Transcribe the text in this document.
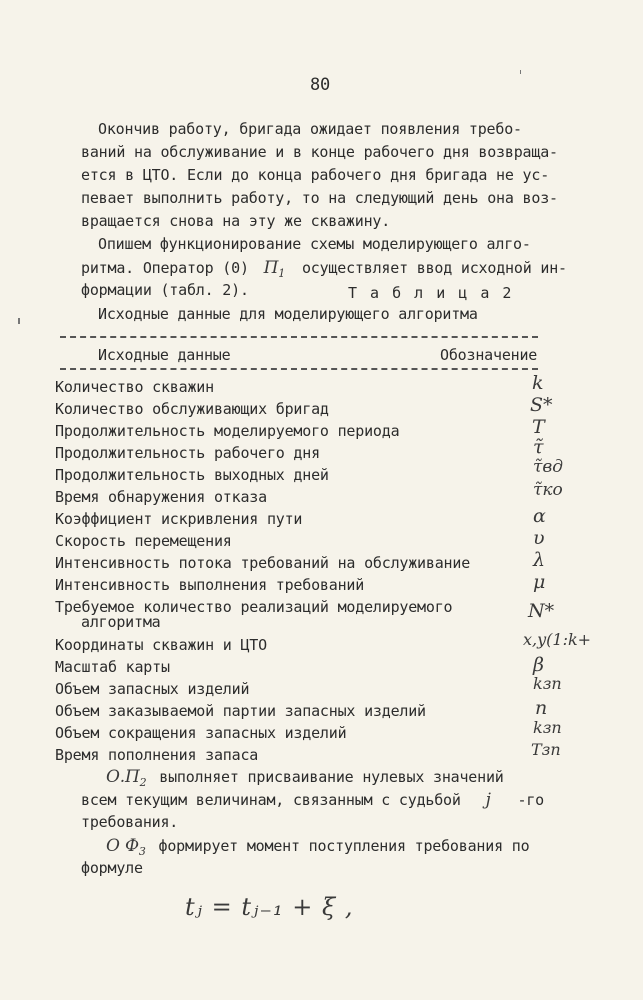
80
Окончив работу, бригада ожидает появления требо-
ваний на обслуживание и в конце рабочего дня возвраща-
ется в ЦТО. Если до конца рабочего дня бригада не ус-
певает выполнить работу, то на следующий день она воз-
вращается снова на эту же скважину.
Опишем функционирование схемы моделирующего алго-
ритма. Оператор (0) $П_1$ осуществляет ввод исходной ин-
формации (табл. 2).	Т а б л и ц а 2
Исходные данные для моделирующего алгоритма
Исходные данные	Обозначение
Количество скважин	k
Количество обслуживающих бригад	S*
Продолжительность моделируемого периода	T
Продолжительность рабочего дня	τ̃
Продолжительность выходных дней	τ̃вд
Время обнаружения отказа	τ̃ко
Коэффициент искривления пути	α
Скорость перемещения	υ
Интенсивность потока требований на обслуживание	λ
Интенсивность выполнения требований	μ
Требуемое количество реализаций моделируемого
алгоритма	N*
Координаты скважин и ЦТО	x,y(1:k+
Масштаб карты	β
Объем запасных изделий	kзп
Объем заказываемой партии запасных изделий	n
Объем сокращения запасных изделий	kзп
Время пополнения запаса	Tзп
$О.П_2$ выполняет присваивание нулевых значений
всем текущим величинам, связанным с судьбой j -го
требования.
О $Ф_3$ формирует момент поступления требования по
формуле
tⱼ = tⱼ₋₁ + ξ ,
